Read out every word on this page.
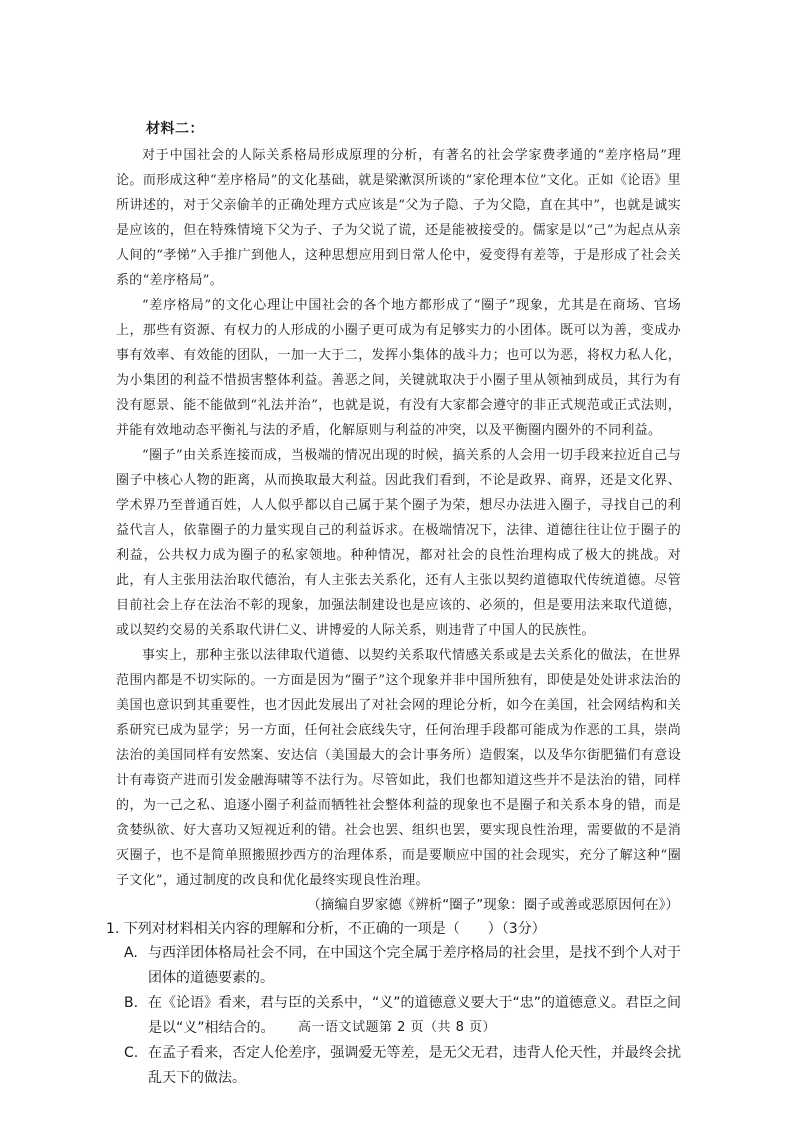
材料二：

对于中国社会的人际关系格局形成原理的分析，有著名的社会学家费孝通的“差序格局”理论。而形成这种“差序格局”的文化基础，就是梁漱溟所谈的“家伦理本位”文化。正如《论语》里所讲述的，对于父亲偷羊的正确处理方式应该是“父为子隐、子为父隐，直在其中”，也就是诚实是应该的，但在特殊情境下父为子、子为父说了谎，还是能被接受的。儒家是以“己”为起点从亲人间的“孝悌”入手推广到他人，这种思想应用到日常人伦中，爱变得有差等，于是形成了社会关系的“差序格局”。

“差序格局”的文化心理让中国社会的各个地方都形成了“圈子”现象，尤其是在商场、官场上，那些有资源、有权力的人形成的小圈子更可成为有足够实力的小团体。既可以为善，变成办事有效率、有效能的团队，一加一大于二，发挥小集体的战斗力；也可以为恶，将权力私人化，为小集团的利益不惜损害整体利益。善恶之间，关键就取决于小圈子里从领袖到成员，其行为有没有愿景、能不能做到“礼法并治”，也就是说，有没有大家都会遵守的非正式规范或正式法则，并能有效地动态平衡礼与法的矛盾，化解原则与利益的冲突，以及平衡圈内圈外的不同利益。

“圈子”由关系连接而成，当极端的情况出现的时候，搞关系的人会用一切手段来拉近自己与圈子中核心人物的距离，从而换取最大利益。因此我们看到，不论是政界、商界，还是文化界、学术界乃至普通百姓，人人似乎都以自己属于某个圈子为荣，想尽办法进入圈子，寻找自己的利益代言人，依靠圈子的力量实现自己的利益诉求。在极端情况下，法律、道德往往让位于圈子的利益，公共权力成为圈子的私家领地。种种情况，都对社会的良性治理构成了极大的挑战。对此，有人主张用法治取代德治，有人主张去关系化，还有人主张以契约道德取代传统道德。尽管目前社会上存在法治不彰的现象，加强法制建设也是应该的、必须的，但是要用法来取代道德，或以契约交易的关系取代讲仁义、讲博爱的人际关系，则违背了中国人的民族性。

事实上，那种主张以法律取代道德、以契约关系取代情感关系或是去关系化的做法，在世界范围内都是不切实际的。一方面是因为“圈子”这个现象并非中国所独有，即使是处处讲求法治的美国也意识到其重要性，也才因此发展出了对社会网的理论分析，如今在美国，社会网结构和关系研究已成为显学；另一方面，任何社会底线失守，任何治理手段都可能成为作恶的工具，崇尚法治的美国同样有安然案、安达信（美国最大的会计事务所）造假案，以及华尔街肥猫们有意设计有毒资产进而引发金融海啸等不法行为。尽管如此，我们也都知道这些并不是法治的错，同样的，为一己之私、追逐小圈子利益而牺牲社会整体利益的现象也不是圈子和关系本身的错，而是贪婪纵欲、好大喜功又短视近利的错。社会也罢、组织也罢，要实现良性治理，需要做的不是消灭圈子，也不是简单照搬照抄西方的治理体系，而是要顺应中国的社会现实，充分了解这种“圈子文化”，通过制度的改良和优化最终实现良性治理。

（摘编自罗家德《辨析“圈子”现象：圈子或善或恶原因何在》）
1. 下列对材料相关内容的理解和分析，不正确的一项是（　　）（3分）
A. 与西洋团体格局社会不同，在中国这个完全属于差序格局的社会里，是找不到个人对于团体的道德要素的。
B. 在《论语》看来，君与臣的关系中，“义”的道德意义要大于“忠”的道德意义。君臣之间是以“义”相结合的。
C. 在孟子看来，否定人伦差序，强调爱无等差，是无父无君，违背人伦天性，并最终会扰乱天下的做法。
高一语文试题第 2 页（共 8 页）
